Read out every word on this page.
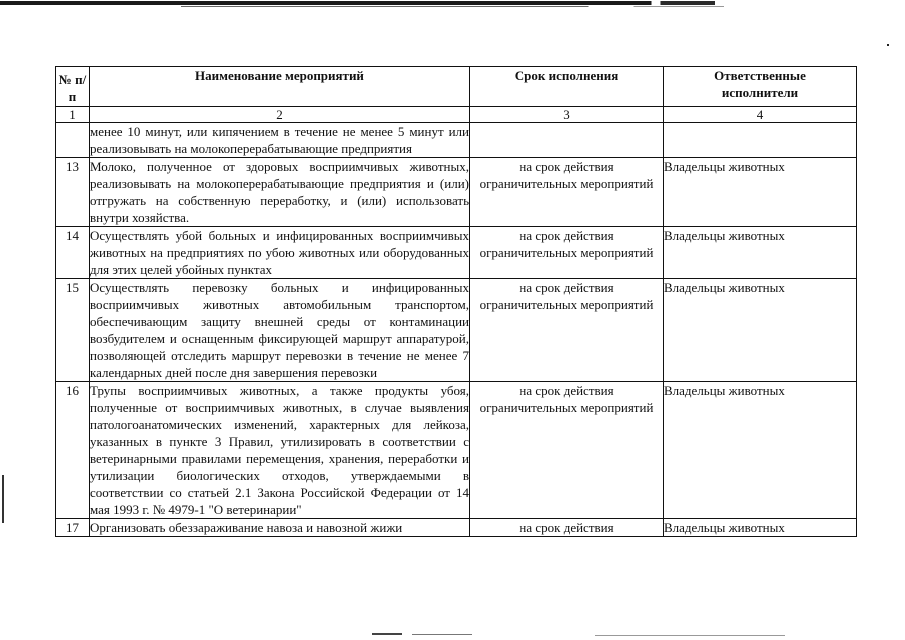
№ п/п	Наименование мероприятий	Срок исполнения	Ответственные исполнители
1	2	3	4
	менее 10 минут, или кипячением в течение не менее 5 минут или реализовывать на молокоперерабатывающие предприятия		
13	Молоко, полученное от здоровых восприимчивых животных, реализовывать на молокоперерабатывающие предприятия и (или) отгружать на собственную переработку, и (или) использовать внутри хозяйства.	на срок действия ограничительных мероприятий	Владельцы животных
14	Осуществлять убой больных и инфицированных восприимчивых животных на предприятиях по убою животных или оборудованных для этих целей убойных пунктах	на срок действия ограничительных мероприятий	Владельцы животных
15	Осуществлять перевозку больных и инфицированных восприимчивых животных автомобильным транспортом, обеспечивающим защиту внешней среды от контаминации возбудителем и оснащенным фиксирующей маршрут аппаратурой, позволяющей отследить маршрут перевозки в течение не менее 7 календарных дней после дня завершения перевозки	на срок действия ограничительных мероприятий	Владельцы животных
16	Трупы восприимчивых животных, а также продукты убоя, полученные от восприимчивых животных, в случае выявления патологоанатомических изменений, характерных для лейкоза, указанных в пункте 3 Правил, утилизировать в соответствии с ветеринарными правилами перемещения, хранения, переработки и утилизации биологических отходов, утверждаемыми в соответствии со статьей 2.1 Закона Российской Федерации от 14 мая 1993 г. № 4979-1 "О ветеринарии"	на срок действия ограничительных мероприятий	Владельцы животных
17	Организовать обеззараживание навоза и навозной жижи	на срок действия	Владельцы животных
